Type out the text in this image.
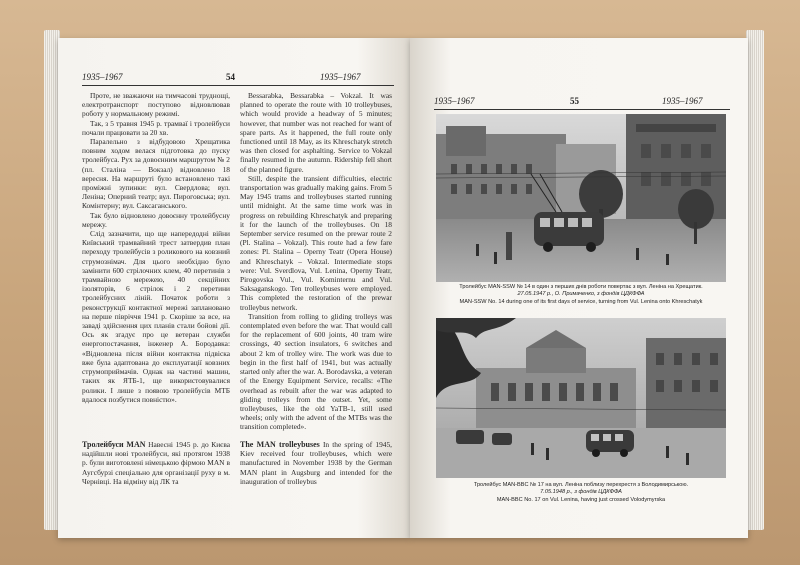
1935–1967	54	1935–1967

Проте, не зважаючи на тимчасові труднощі, електротранспорт поступово відновлював роботу у нормальному режимі.

Так, з 5 травня 1945 р. трамваї і тролейбуси почали працювати за 20 хв.

Паралельно з відбудовою Хрещатика повним ходом велася підготовка до пуску тролейбуса. Рух за довоєнним маршрутом № 2 (пл. Сталіна — Вокзал) відновлено 18 вересня. На маршруті було встановлено такі проміжні зупинки: вул. Свердлова; вул. Леніна; Оперний театр; вул. Пироговська; вул. Комінтерну; вул. Саксаганського.

Так було відновлено довоєнну тролейбусну мережу.

Слід зазначити, що ще напередодні війни Київський трамвайний трест затвердив план переходу тролейбусів з роликового на ковзний струмознімач. Для цього необхідно було замінити 600 стрілочних клем, 40 перетинів з трамвайною мережею, 40 секційних ізоляторів, 6 стрілок і 2 перетини тролейбусних ліній. Початок роботи з реконструкції контактної мережі заплановано на перше півріччя 1941 р. Скоріше за все, на заваді здійснення цих планів стали бойові дії. Ось як згадує про це ветеран служби енергопостачання, інженер А. Бородавка: «Відновлена після війни контактна підвіска вже була адаптована до експлуатації ковзних струмоприймачів. Однак на частині машин, таких як ЯТБ-1, ще використовувалися ролики. І лише з появою тролейбусів МТБ вдалося позбутися повністю».

Bessarabka, Bessarabka – Vokzal. It was planned to operate the route with 10 trolleybuses, which would provide a headway of 5 minutes; however, that number was not reached for want of spare parts. As it happened, the full route only functioned until 18 May, as its Khreschatyk stretch was then closed for asphalting. Service to Vokzal finally resumed in the autumn. Ridership fell short of the planned figure.

Still, despite the transient difficulties, electric transportation was gradually making gains. From 5 May 1945 trams and trolleybuses started running until midnight. At the same time work was in progress on rebuilding Khreschatyk and preparing it for the launch of the trolleybuses. On 18 September service resumed on the prewar route 2 (Pl. Stalina – Vokzal). This route had a few fare zones: Pl. Stalina – Operny Teatr (Opera House) and Khreschatyk – Vokzal. Intermediate stops were: Vul. Sverdlova, Vul. Lenina, Operny Teatr, Pirogovska Vul., Vul. Kominternu and Vul. Saksaganskogo. Ten trolleybuses were employed. This completed the restoration of the prewar trolleybus network.

Transition from rolling to gliding trolleys was contemplated even before the war. That would call for the replacement of 600 joints, 40 tram wire crossings, 40 section insulators, 6 switches and about 2 km of trolley wire. The work was due to begin in the first half of 1941, but was actually started only after the war. A. Borodavska, a veteran of the Energy Equipment Service, recalls: «The overhead as rebuilt after the war was adapted to gliding trolleys from the outset. Yet, some trolleybuses, like the old YaTB-1, still used wheels; only with the advent of the MTBs was the transition completed».

Тролейбуси MAN Навесні 1945 р. до Києва надійшли нові тролейбуси, які протягом 1938 р. були виготовлені німецькою фірмою MAN в Аугсбурзі спеціально для організації руху в м. Чернівці. На відміну від ЛК та

The MAN trolleybuses In the spring of 1945, Kiev received four trolleybuses, which were manufactured in November 1938 by the German MAN plant in Augsburg and intended for the inauguration of trolleybus

1935–1967	55	1935–1967
Тролейбус MAN-SSW № 14 в один з перших днів роботи повертає з вул. Леніна на Хрещатик.
27.05.1947 р., О. Примаченко, з фондів ЦДКФФА
MAN-SSW No. 14 during one of its first days of service, turning from Vul. Lenina onto Khreschatyk
Тролейбус MAN-BBC № 17 на вул. Леніна поблизу перехрестя з Володимирською.
7.05.1948 р., з фондів ЦДКФФА
MAN-BBC No. 17 on Vul. Lenina, having just crossed Volodymyrska
